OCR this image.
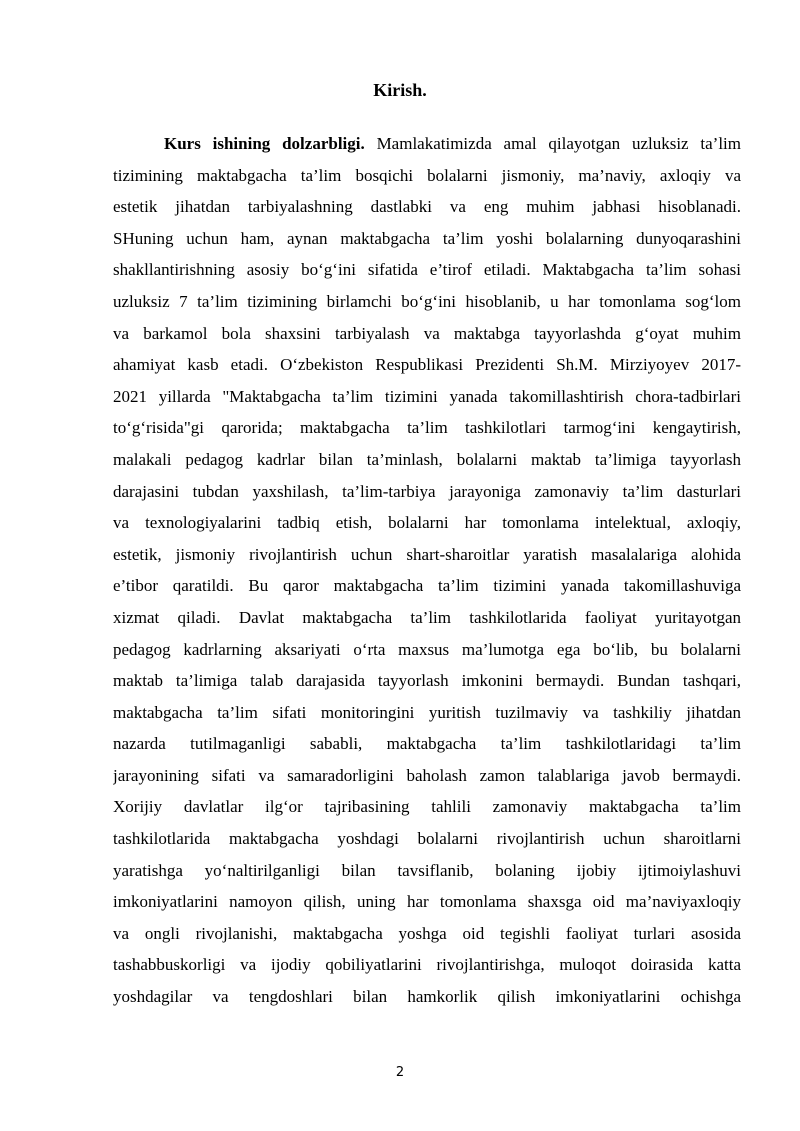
Kirish.
Kurs ishining dolzarbligi. Mamlakatimizda amal qilayotgan uzluksiz ta’lim
tizimining maktabgacha ta’lim bosqichi bolalarni jismoniy, ma’naviy, axloqiy va
estetik jihatdan tarbiyalashning dastlabki va eng muhim jabhasi hisoblanadi.
SHuning uchun ham, aynan maktabgacha ta’lim yoshi bolalarning dunyoqarashini
shakllantirishning asosiy bo‘g‘ini sifatida e’tirof etiladi. Maktabgacha ta’lim sohasi
uzluksiz 7 ta’lim tizimining birlamchi bo‘g‘ini hisoblanib, u har tomonlama sog‘lom
va barkamol bola shaxsini tarbiyalash va maktabga tayyorlashda g‘oyat muhim
ahamiyat kasb etadi. O‘zbekiston Respublikasi Prezidenti Sh.M. Mirziyoyev 2017-
2021 yillarda "Maktabgacha ta’lim tizimini yanada takomillashtirish chora-tadbirlari
to‘g‘risida"gi qarorida; maktabgacha ta’lim tashkilotlari tarmog‘ini kengaytirish,
malakali pedagog kadrlar bilan ta’minlash, bolalarni maktab ta’limiga tayyorlash
darajasini tubdan yaxshilash, ta’lim-tarbiya jarayoniga zamonaviy ta’lim dasturlari
va texnologiyalarini tadbiq etish, bolalarni har tomonlama intelektual, axloqiy,
estetik, jismoniy rivojlantirish uchun shart-sharoitlar yaratish masalalariga alohida
e’tibor qaratildi. Bu qaror maktabgacha ta’lim tizimini yanada takomillashuviga
xizmat qiladi. Davlat maktabgacha ta’lim tashkilotlarida faoliyat yuritayotgan
pedagog kadrlarning aksariyati o‘rta maxsus ma’lumotga ega bo‘lib, bu bolalarni
maktab ta’limiga talab darajasida tayyorlash imkonini bermaydi. Bundan tashqari,
maktabgacha ta’lim sifati monitoringini yuritish tuzilmaviy va tashkiliy jihatdan
nazarda tutilmaganligi sababli, maktabgacha ta’lim tashkilotlaridagi ta’lim
jarayonining sifati va samaradorligini baholash zamon talablariga javob bermaydi.
Xorijiy davlatlar ilg‘or tajribasining tahlili zamonaviy maktabgacha ta’lim
tashkilotlarida maktabgacha yoshdagi bolalarni rivojlantirish uchun sharoitlarni
yaratishga yo‘naltirilganligi bilan tavsiflanib, bolaning ijobiy ijtimoiylashuvi
imkoniyatlarini namoyon qilish, uning har tomonlama shaxsga oid ma’naviyaxloqiy
va ongli rivojlanishi, maktabgacha yoshga oid tegishli faoliyat turlari asosida
tashabbuskorligi va ijodiy qobiliyatlarini rivojlantirishga, muloqot doirasida katta
yoshdagilar va tengdoshlari bilan hamkorlik qilish imkoniyatlarini ochishga
2
